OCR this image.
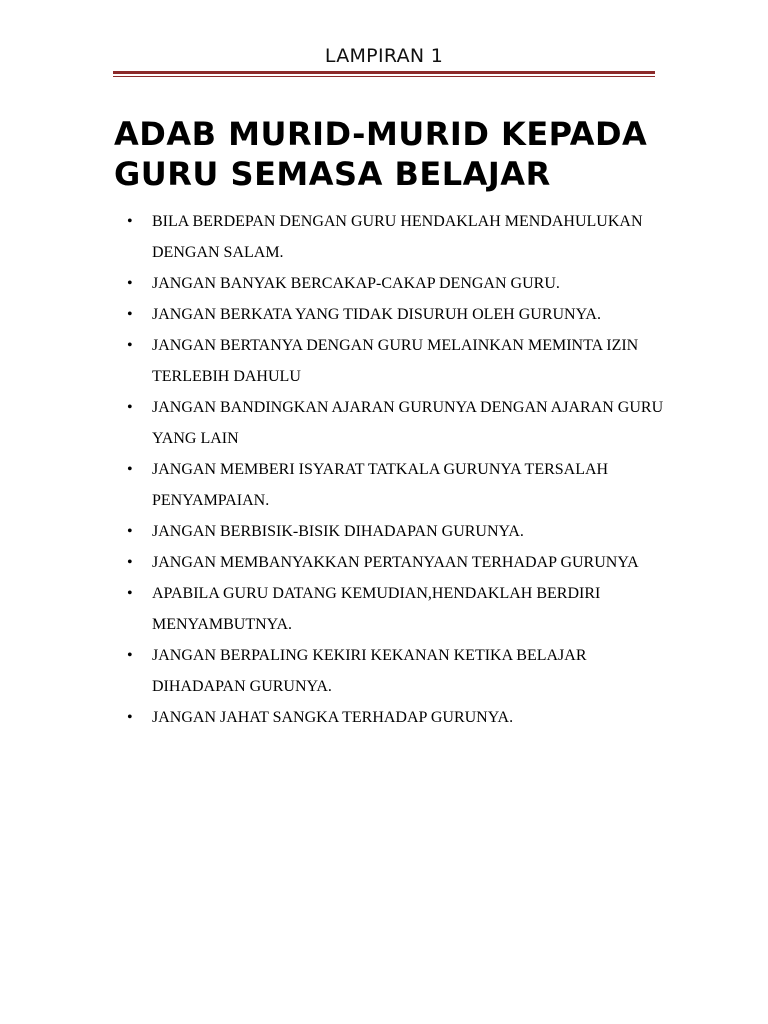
LAMPIRAN 1
ADAB MURID-MURID KEPADA GURU SEMASA BELAJAR
• BILA BERDEPAN DENGAN GURU HENDAKLAH MENDAHULUKAN DENGAN SALAM.
• JANGAN BANYAK BERCAKAP-CAKAP DENGAN GURU.
• JANGAN BERKATA YANG TIDAK DISURUH OLEH GURUNYA.
• JANGAN BERTANYA DENGAN GURU MELAINKAN MEMINTA IZIN TERLEBIH DAHULU
• JANGAN BANDINGKAN AJARAN GURUNYA DENGAN AJARAN GURU YANG LAIN
• JANGAN MEMBERI ISYARAT TATKALA GURUNYA TERSALAH PENYAMPAIAN.
• JANGAN BERBISIK-BISIK DIHADAPAN GURUNYA.
• JANGAN MEMBANYAKKAN PERTANYAAN TERHADAP GURUNYA
• APABILA GURU DATANG KEMUDIAN,HENDAKLAH BERDIRI MENYAMBUTNYA.
• JANGAN BERPALING KEKIRI KEKANAN KETIKA BELAJAR DIHADAPAN GURUNYA.
• JANGAN JAHAT SANGKA TERHADAP GURUNYA.
